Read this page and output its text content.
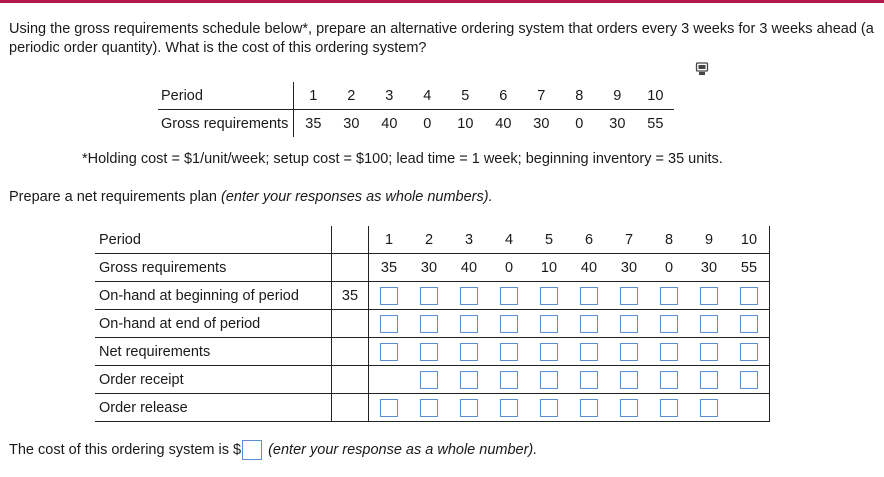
Using the gross requirements schedule below*, prepare an alternative ordering system that orders every 3 weeks for 3 weeks ahead (a periodic order quantity). What is the cost of this ordering system?
Period	1	2	3	4	5	6	7	8	9	10
Gross requirements	35	30	40	0	10	40	30	0	30	55
*Holding cost = $1/unit/week; setup cost = $100; lead time = 1 week; beginning inventory = 35 units.
Prepare a net requirements plan (enter your responses as whole numbers).
Period		1	2	3	4	5	6	7	8	9	10
Gross requirements		35	30	40	0	10	40	30	0	30	55
On-hand at beginning of period	35										
On-hand at end of period											
Net requirements											
Order receipt											
Order release											
The cost of this ordering system is $ (enter your response as a whole number).
